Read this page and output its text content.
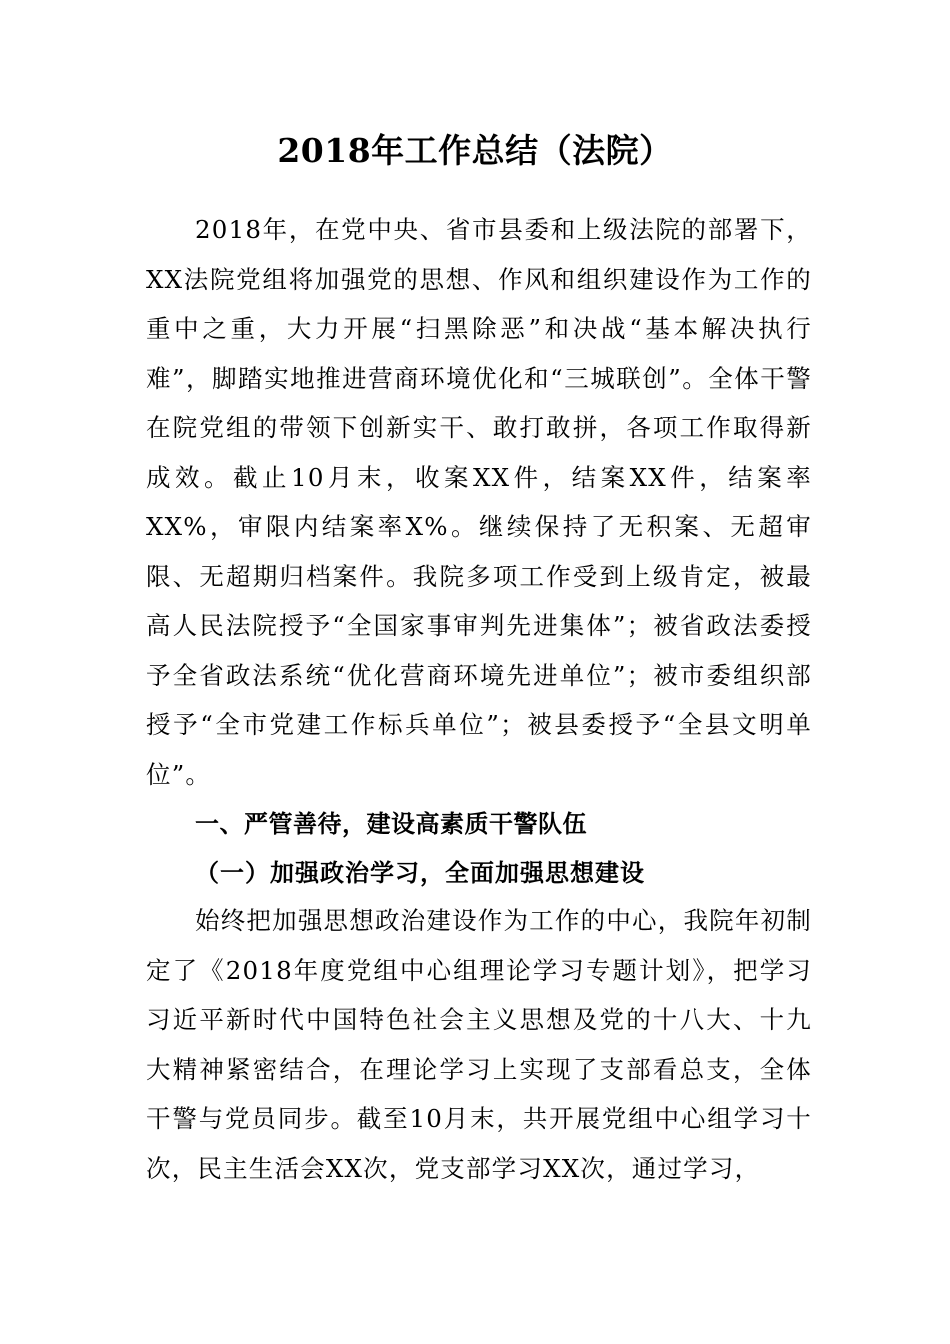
2018年工作总结（法院）

2018年，在党中央、省市县委和上级法院的部署下，XX法院党组将加强党的思想、作风和组织建设作为工作的重中之重，大力开展“扫黑除恶”和决战“基本解决执行难”，脚踏实地推进营商环境优化和“三城联创”。全体干警在院党组的带领下创新实干、敢打敢拼，各项工作取得新成效。截止10月末，收案XX件，结案XX件，结案率XX%，审限内结案率X%。继续保持了无积案、无超审限、无超期归档案件。我院多项工作受到上级肯定，被最高人民法院授予“全国家事审判先进集体”；被省政法委授予全省政法系统“优化营商环境先进单位”；被市委组织部授予“全市党建工作标兵单位”；被县委授予“全县文明单位”。

一、严管善待，建设高素质干警队伍
（一）加强政治学习，全面加强思想建设

始终把加强思想政治建设作为工作的中心，我院年初制定了《2018年度党组中心组理论学习专题计划》，把学习习近平新时代中国特色社会主义思想及党的十八大、十九大精神紧密结合，在理论学习上实现了支部看总支，全体干警与党员同步。截至10月末，共开展党组中心组学习十次，民主生活会XX次，党支部学习XX次，通过学习，
